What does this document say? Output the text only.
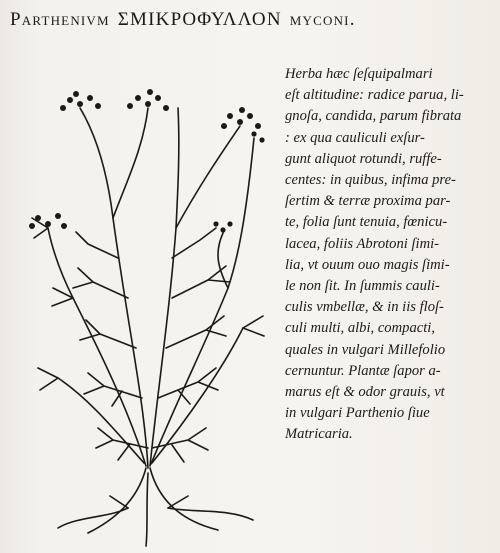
Parthenivm ΣΜΙΚΡΟΦΥΛΛΟΝ myconi.
Herba hæc ſeſquipalmari
eſt altitudine: radice parua, li-
gnoſa, candida, parum fibrata
: ex qua cauliculi exſur-
gunt aliquot rotundi, ruffe-
centes: in quibus, infima pre-
ſertim & terræ proxima par-
te, folia ſunt tenuia, fœnicu-
lacea, foliis Abrotoni ſimi-
lia, vt ouum ouo magis ſimi-
le non ſit. In ſummis cauli-
culis vmbellæ, & in iis floſ-
culi multi, albi, compacti,
quales in vulgari Millefolio
cernuntur. Plantæ ſapor a-
marus eſt & odor grauis, vt
in vulgari Parthenio ſiue
Matricaria.
